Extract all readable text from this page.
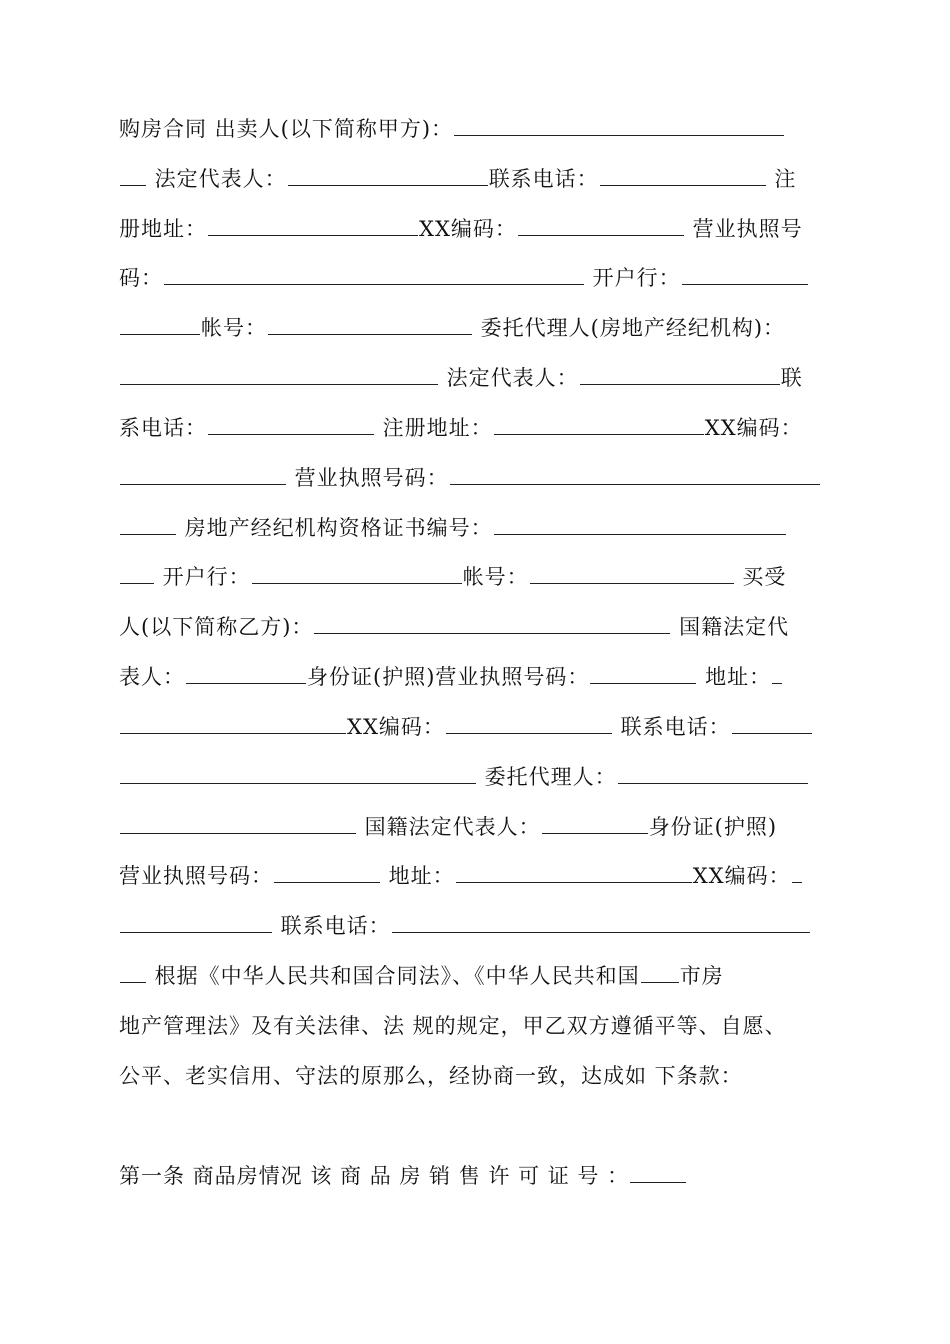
购房合同 出卖人(以下简称甲方)：
法定代表人：	联系电话：	注
册地址：	XX编码：	营业执照号
码：	开户行：
帐号：	委托代理人(房地产经纪机构)：
法定代表人：	联
系电话：	注册地址：	XX编码：
营业执照号码：
房地产经纪机构资格证书编号：
开户行：	帐号：	买受
人(以下简称乙方)：	国籍法定代
表人：	身份证(护照)营业执照号码：	地址：
XX编码：	联系电话：
委托代理人：
国籍法定代表人：	身份证(护照)
营业执照号码：	地址：	XX编码：
联系电话：
根据《中华人民共和国合同法》、《中华人民共和国 市房
地产管理法》及有关法律、法 规的规定，甲乙双方遵循平等、自愿、
公平、老实信用、守法的原那么，经协商一致，达成如 下条款：
第一条 商品房情况 该 商 品 房 销 售 许 可 证 号 ：
